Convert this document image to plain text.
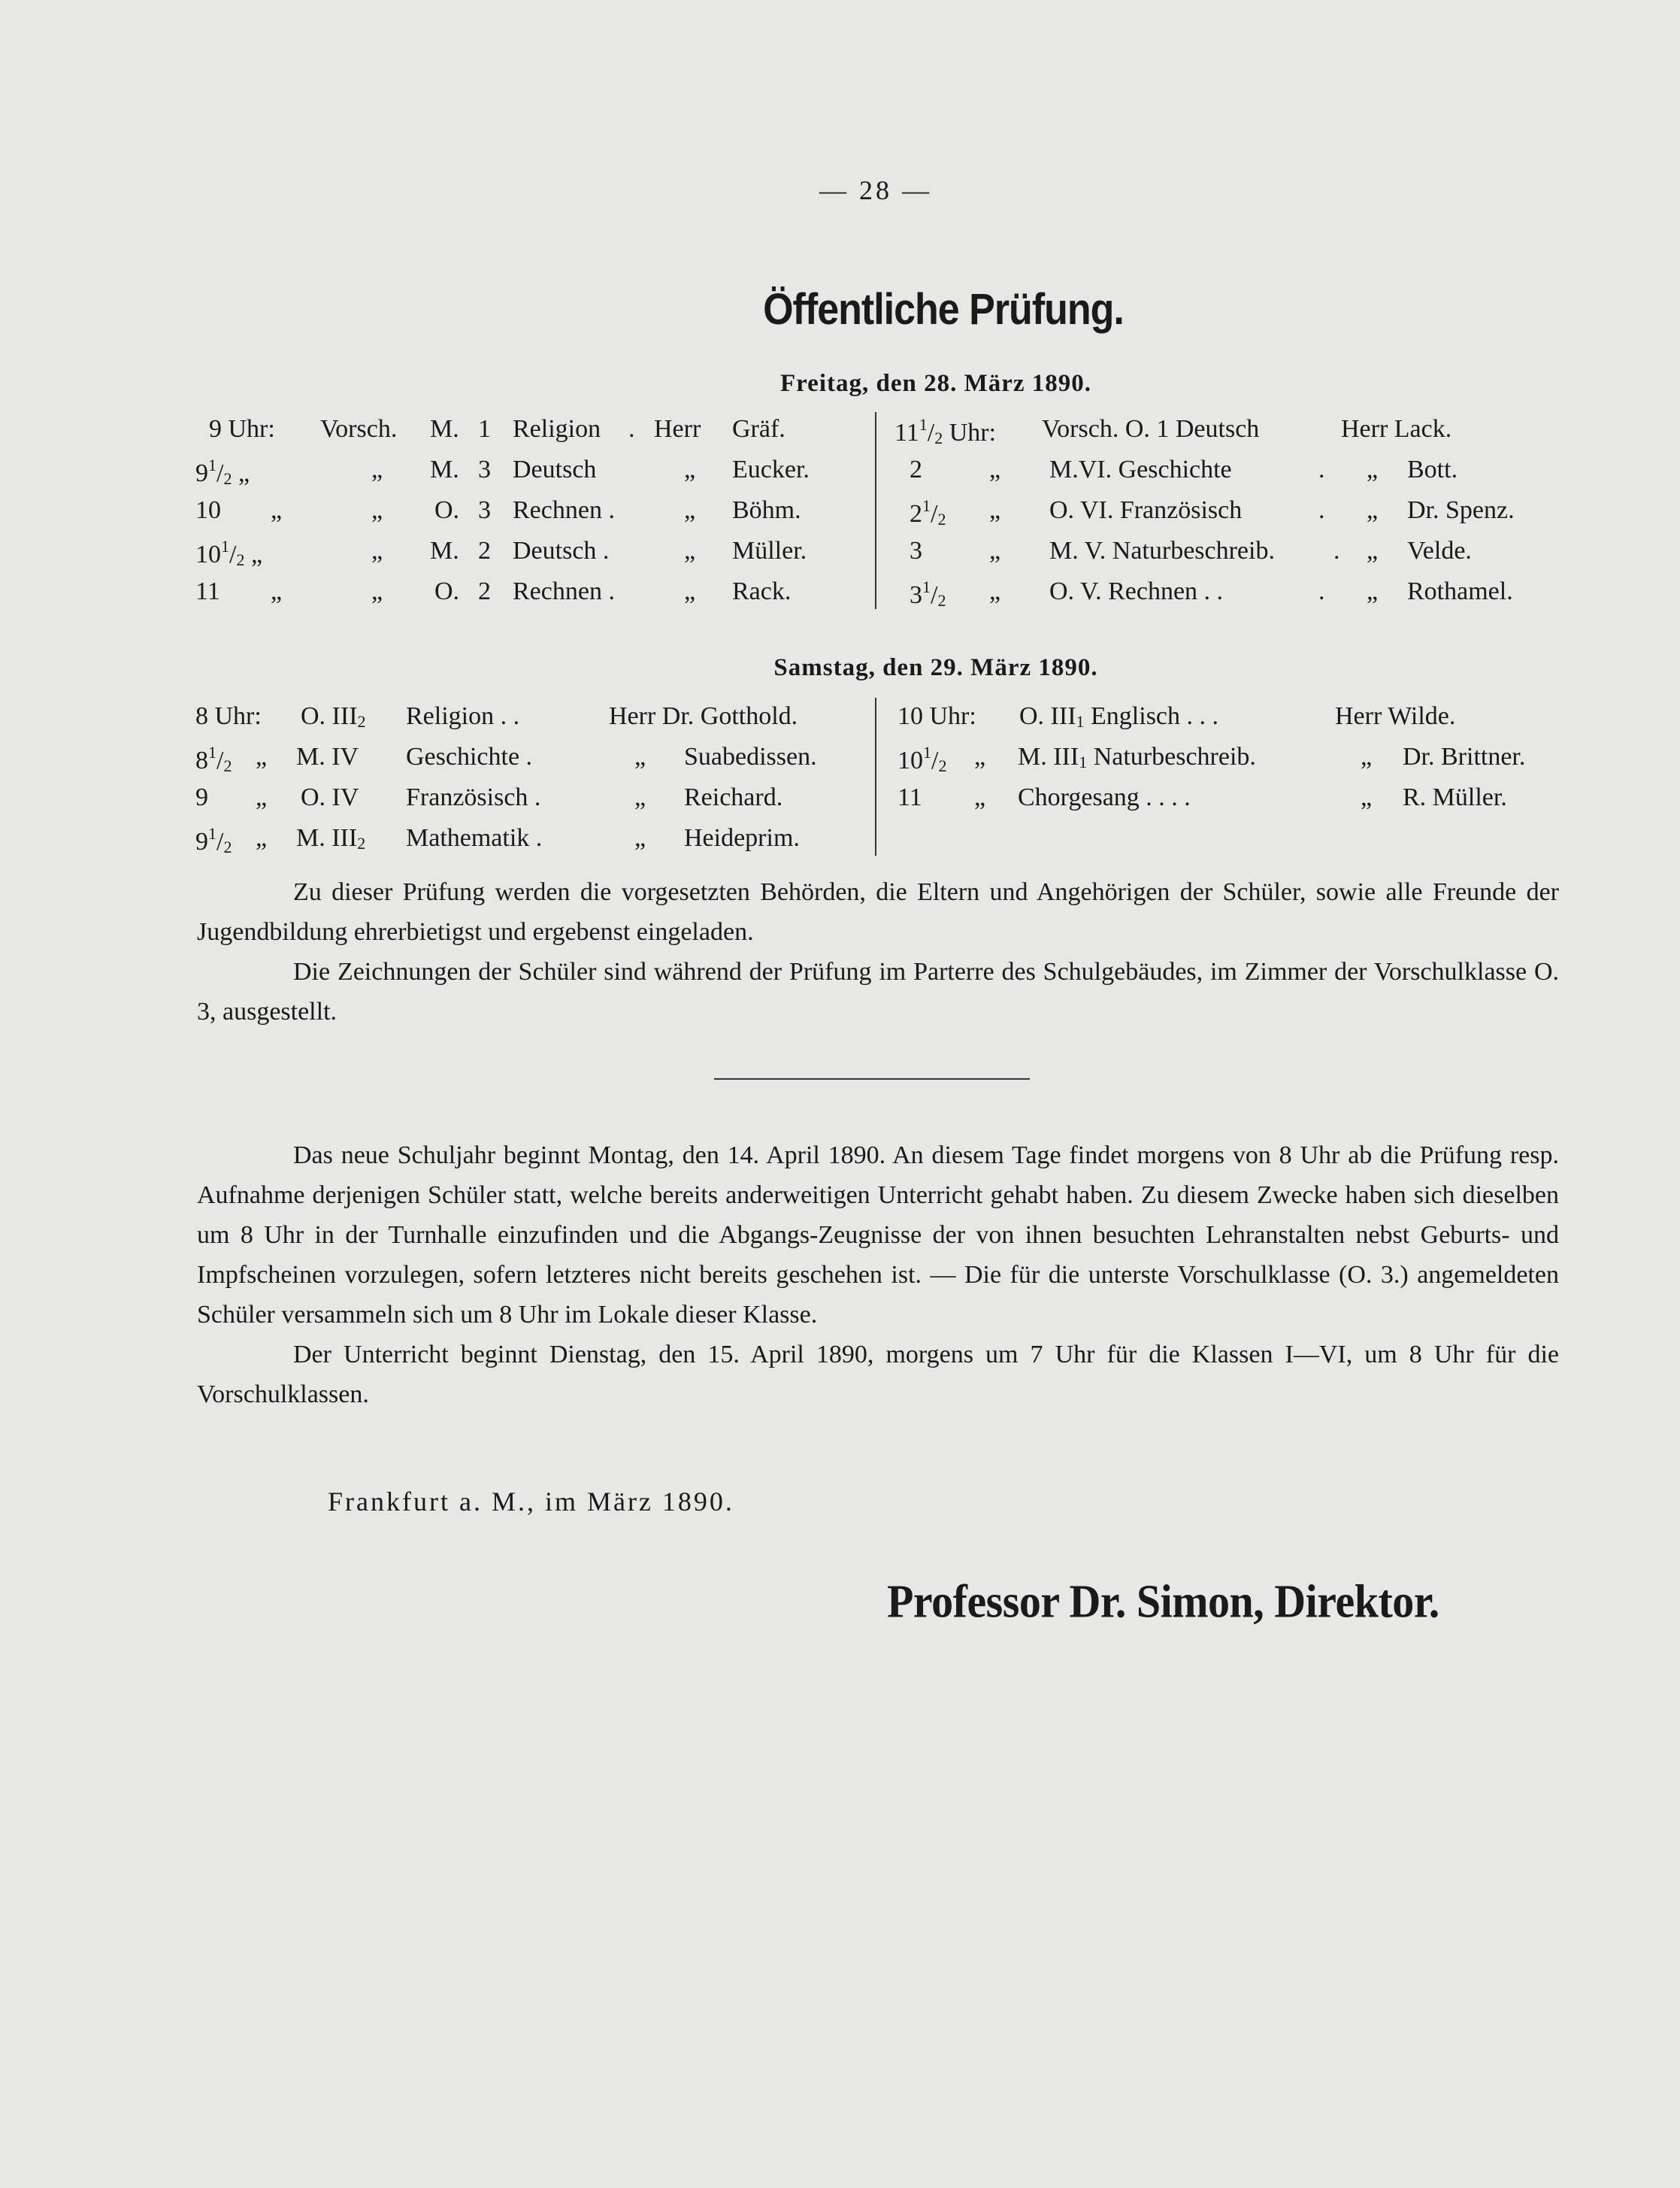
— 28 —
Öffentliche Prüfung.
Freitag, den 28. März 1890.
9 Uhr: Vorsch. M. 1 Religion . Herr Gräf.
$9^1/_2$ „	„ M. 3 Deutsch	„ Eucker.
10 „	„ O. 3 Rechnen .	„ Böhm.
$10^1/_2$ „	„ M. 2 Deutsch .	„ Müller.
11 „	„ O. 2 Rechnen .	„ Rack.
$11^1/_2$ Uhr: Vorsch. O. 1 Deutsch	Herr Lack.
2	„ M.VI. Geschichte	. „ Bott.
$2^1/_2$ „ O. VI. Französisch	. „ Dr. Spenz.
3	„ M. V. Naturbeschreib. . „ Velde.
$3^1/_2$ „ O. V. Rechnen . .	. „ Rothamel.
Samstag, den 29. März 1890.
8 Uhr: O. $III_2$ Religion . .	Herr Dr. Gotthold.
$8^1/_2$ „ M. IV Geschichte .	„ Suabedissen.
9 „ O. IV Französisch .	„ Reichard.
$9^1/_2$ „ M. $III_2$ Mathematik .	„ Heideprim.
10 Uhr: O. $III_1$ Englisch . . .	Herr Wilde.
$10^1/_2$ „ M. $III_1$ Naturbeschreib.	„ Dr. Brittner.
11 „ Chorgesang . . . .	„ R. Müller.

Zu dieser Prüfung werden die vorgesetzten Behörden, die Eltern und Angehörigen der Schüler, sowie alle Freunde der Jugendbildung ehrerbietigst und ergebenst eingeladen.

Die Zeichnungen der Schüler sind während der Prüfung im Parterre des Schulgebäudes, im Zimmer der Vorschulklasse O. 3, ausgestellt.

Das neue Schuljahr beginnt Montag, den 14. April 1890. An diesem Tage findet morgens von 8 Uhr ab die Prüfung resp. Aufnahme derjenigen Schüler statt, welche bereits anderweitigen Unterricht gehabt haben. Zu diesem Zwecke haben sich dieselben um 8 Uhr in der Turnhalle einzufinden und die Abgangs-Zeugnisse der von ihnen besuchten Lehranstalten nebst Geburts- und Impfscheinen vorzulegen, sofern letzteres nicht bereits geschehen ist. — Die für die unterste Vorschulklasse (O. 3.) angemeldeten Schüler versammeln sich um 8 Uhr im Lokale dieser Klasse.

Der Unterricht beginnt Dienstag, den 15. April 1890, morgens um 7 Uhr für die Klassen I—VI, um 8 Uhr für die Vorschulklassen.

Frankfurt a. M., im März 1890.
Professor Dr. Simon, Direktor.
